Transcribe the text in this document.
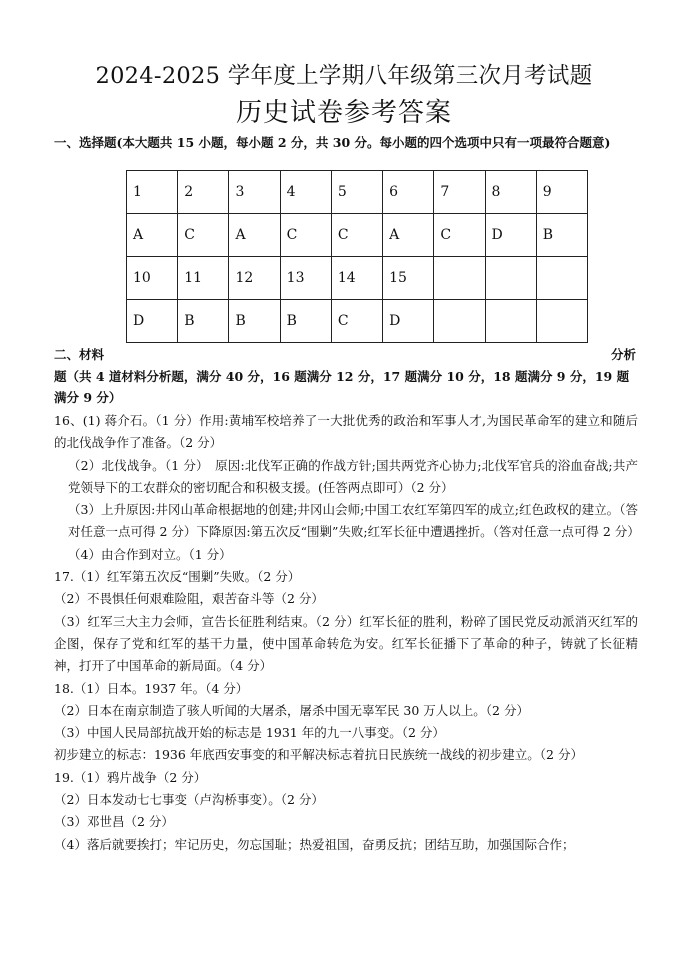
2024-2025 学年度上学期八年级第三次月考试题
历史试卷参考答案
一、选择题(本大题共 15 小题，每小题 2 分，共 30 分。每小题的四个选项中只有一项最符合题意)
1	2	3	4	5	6	7	8	9
A	C	A	C	C	A	C	D	B
10	11	12	13	14	15			
D	B	B	B	C	D			
二、材料	分析
题（共 4 道材料分析题，满分 40 分，16 题满分 12 分，17 题满分 10 分，18 题满分 9 分，19 题满分 9 分）

16、(1) 蒋介石。（1 分）作用:黄埔军校培养了一大批优秀的政治和军事人才,为国民革命军的建立和随后的北伐战争作了准备。（2 分）

（2）北伐战争。（1 分）　原因:北伐军正确的作战方针;国共两党齐心协力;北伐军官兵的浴血奋战;共产党领导下的工农群众的密切配合和积极支援。(任答两点即可）（2 分）

（3）上升原因:井冈山革命根据地的创建;井冈山会师;中国工农红军第四军的成立;红色政权的建立。（答对任意一点可得 2 分）下降原因:第五次反“围剿”失败;红军长征中遭遇挫折。（答对任意一点可得 2 分）

（4）由合作到对立。（1 分）

17.（1）红军第五次反“围剿”失败。（2 分）

（2）不畏惧任何艰难险阻，艰苦奋斗等（2 分）

（3）红军三大主力会师，宣告长征胜利结束。（2 分）红军长征的胜利，粉碎了国民党反动派消灭红军的企图，保存了党和红军的基干力量，使中国革命转危为安。红军长征播下了革命的种子，铸就了长征精神，打开了中国革命的新局面。（4 分）

18.（1）日本。1937 年。（4 分）

（2）日本在南京制造了骇人听闻的大屠杀，屠杀中国无辜军民 30 万人以上。（2 分）

（3）中国人民局部抗战开始的标志是 1931 年的九一八事变。（2 分）

初步建立的标志：1936 年底西安事变的和平解决标志着抗日民族统一战线的初步建立。（2 分）

19.（1）鸦片战争（2 分）

（2）日本发动七七事变（卢沟桥事变）。（2 分）

（3）邓世昌（2 分）

（4）落后就要挨打；牢记历史，勿忘国耻；热爱祖国，奋勇反抗；团结互助，加强国际合作；
